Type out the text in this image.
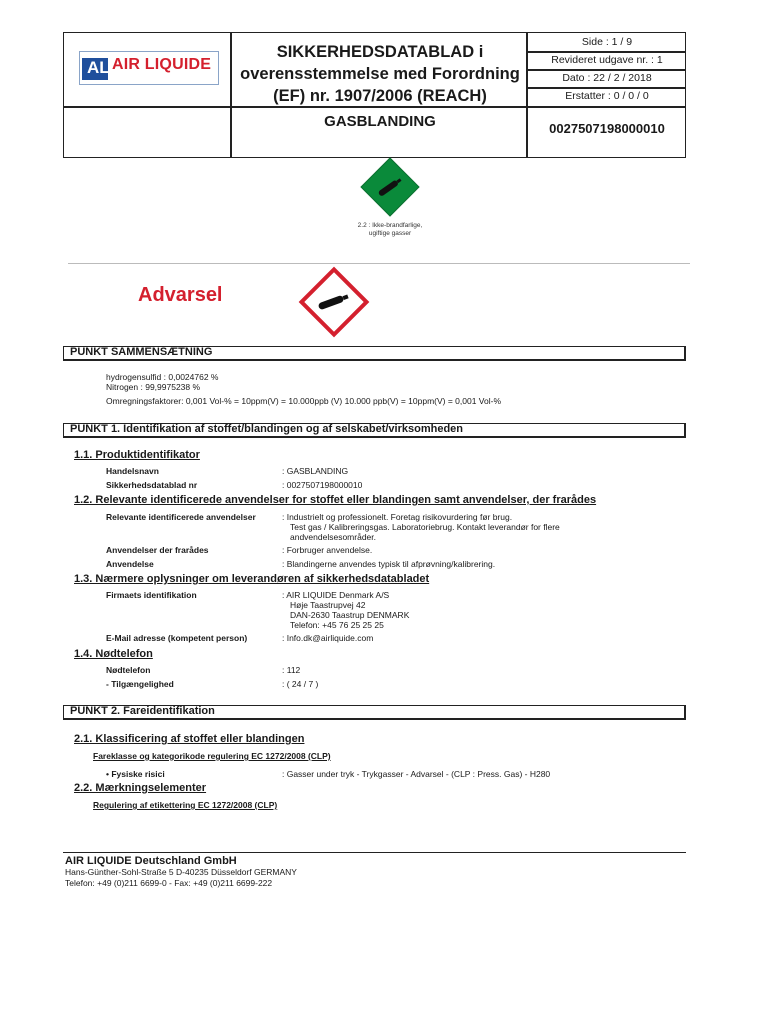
AL AIR LIQUIDE
SIKKERHEDSDATABLAD i
overensstemmelse med Forordning
(EF) nr. 1907/2006 (REACH)
Side : 1 / 9
Revideret udgave nr. : 1
Dato : 22 / 2 / 2018
Erstatter : 0 / 0 / 0
GASBLANDING	0027507198000010
2.2 : Ikke-brandfarlige,
ugiftige gasser
Advarsel
PUNKT SAMMENSÆTNING
hydrogensulfid : 0,0024762 %
Nitrogen : 99,9975238 %
Omregningsfaktorer: 0,001 Vol-% = 10ppm(V) = 10.000ppb (V) 10.000 ppb(V) = 10ppm(V) = 0,001 Vol-%
PUNKT 1. Identifikation af stoffet/blandingen og af selskabet/virksomheden
1.1. Produktidentifikator
Handelsnavn	: GASBLANDING
Sikkerhedsdatablad nr	: 0027507198000010
1.2. Relevante identificerede anvendelser for stoffet eller blandingen samt anvendelser, der frarådes
Relevante identificerede anvendelser	: Industrielt og professionelt. Foretag risikovurdering før brug.
Test gas / Kalibreringsgas. Laboratoriebrug. Kontakt leverandør for flere
andvendelsesområder.
Anvendelser der frarådes	: Forbruger anvendelse.
Anvendelse	: Blandingerne anvendes typisk til afprøvning/kalibrering.
1.3. Nærmere oplysninger om leverandøren af sikkerhedsdatabladet
Firmaets identifikation	: AIR LIQUIDE Denmark A/S
Høje Taastrupvej 42
DAN-2630 Taastrup DENMARK
Telefon: +45 76 25 25 25
E-Mail adresse (kompetent person)	: Info.dk@airliquide.com
1.4. Nødtelefon
Nødtelefon	: 112
- Tilgængelighed	: ( 24 / 7 )
PUNKT 2. Fareidentifikation
2.1. Klassificering af stoffet eller blandingen
Fareklasse og kategorikode regulering EC 1272/2008 (CLP)
• Fysiske risici	: Gasser under tryk - Trykgasser - Advarsel - (CLP : Press. Gas) - H280
2.2. Mærkningselementer
Regulering af etikettering EC 1272/2008 (CLP)
AIR LIQUIDE Deutschland GmbH
Hans-Günther-Sohl-Straße 5 D-40235 Düsseldorf GERMANY
Telefon: +49 (0)211 6699-0 - Fax: +49 (0)211 6699-222
